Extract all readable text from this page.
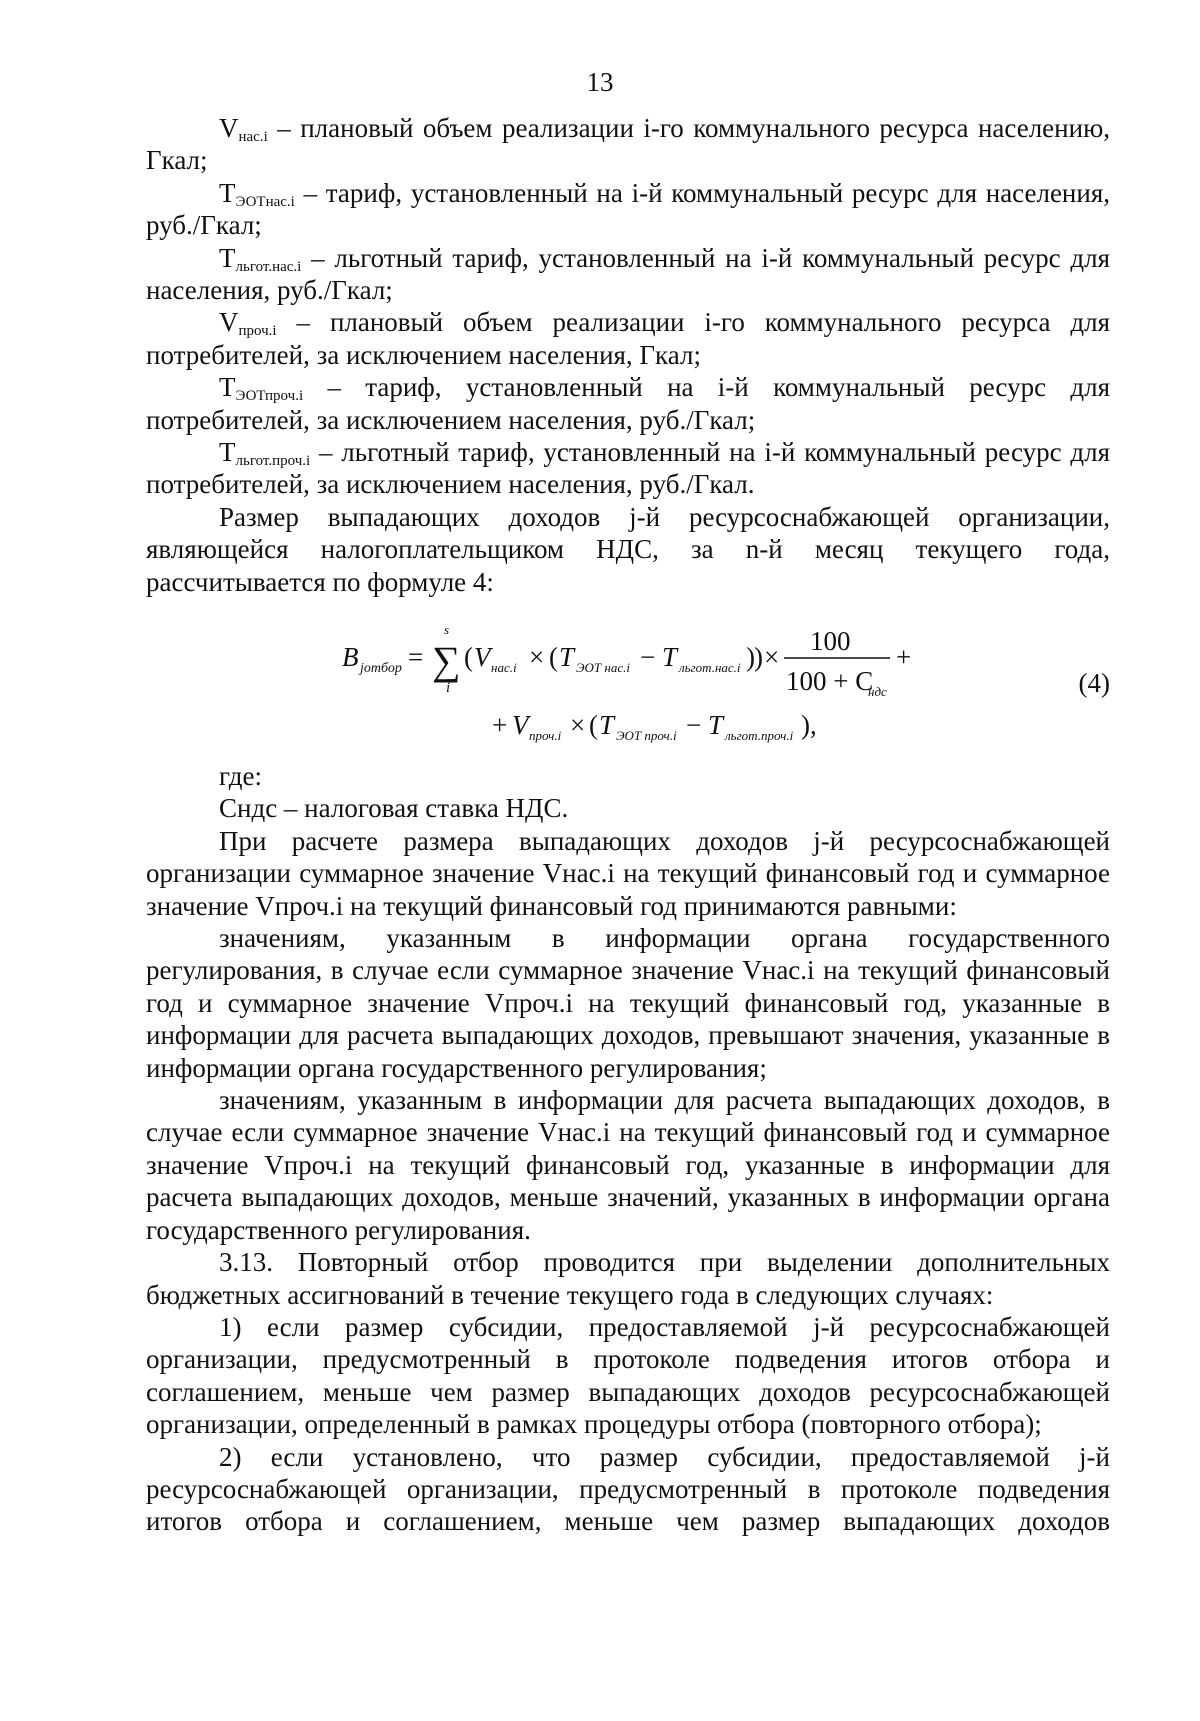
13

$V_{нас.i}$ – плановый объем реализации i-го коммунального ресурса населению, Гкал;

$T_{ЭОТнас.i}$ – тариф, установленный на i-й коммунальный ресурс для населения, руб./Гкал;

$Т_{льгот.нас.i}$ – льготный тариф, установленный на i-й коммунальный ресурс для населения, руб./Гкал;

$V_{проч.i}$ – плановый объем реализации i-го коммунального ресурса для потребителей, за исключением населения, Гкал;

$T_{ЭОТпроч.i}$ – тариф, установленный на i-й коммунальный ресурс для потребителей, за исключением населения, руб./Гкал;

$Т_{льгот.проч.i}$ – льготный тариф, установленный на i-й коммунальный ресурс для потребителей, за исключением населения, руб./Гкал.

Размер выпадающих доходов j-й ресурсоснабжающей организации, являющейся налогоплательщиком НДС, за n-й месяц текущего года, рассчитывается по формуле 4:

B jотбор = ∑
s
i
( V нас.i × ( T ЭОТ нас.i − T льгот.нас.i ) ) ×
100
100 + C
ндс
+
+ V проч.i × ( T ЭОТ проч.i − T льгот.проч.i ),
(4)

где:

Сндс – налоговая ставка НДС.

При расчете размера выпадающих доходов j-й ресурсоснабжающей организации суммарное значение Vнас.i на текущий финансовый год и суммарное значение Vпроч.i на текущий финансовый год принимаются равными:

значениям, указанным в информации органа государственного регулирования, в случае если суммарное значение Vнас.i на текущий финансовый год и суммарное значение Vпроч.i на текущий финансовый год, указанные в информации для расчета выпадающих доходов, превышают значения, указанные в информации органа государственного регулирования;

значениям, указанным в информации для расчета выпадающих доходов, в случае если суммарное значение Vнас.i на текущий финансовый год и суммарное значение Vпроч.i на текущий финансовый год, указанные в информации для расчета выпадающих доходов, меньше значений, указанных в информации органа государственного регулирования.

3.13. Повторный отбор проводится при выделении дополнительных бюджетных ассигнований в течение текущего года в следующих случаях:

1) если размер субсидии, предоставляемой j-й ресурсоснабжающей организации, предусмотренный в протоколе подведения итогов отбора и соглашением, меньше чем размер выпадающих доходов ресурсоснабжающей организации, определенный в рамках процедуры отбора (повторного отбора);

2) если установлено, что размер субсидии, предоставляемой j-й ресурсоснабжающей организации, предусмотренный в протоколе подведения итогов отбора и соглашением, меньше чем размер выпадающих доходов
